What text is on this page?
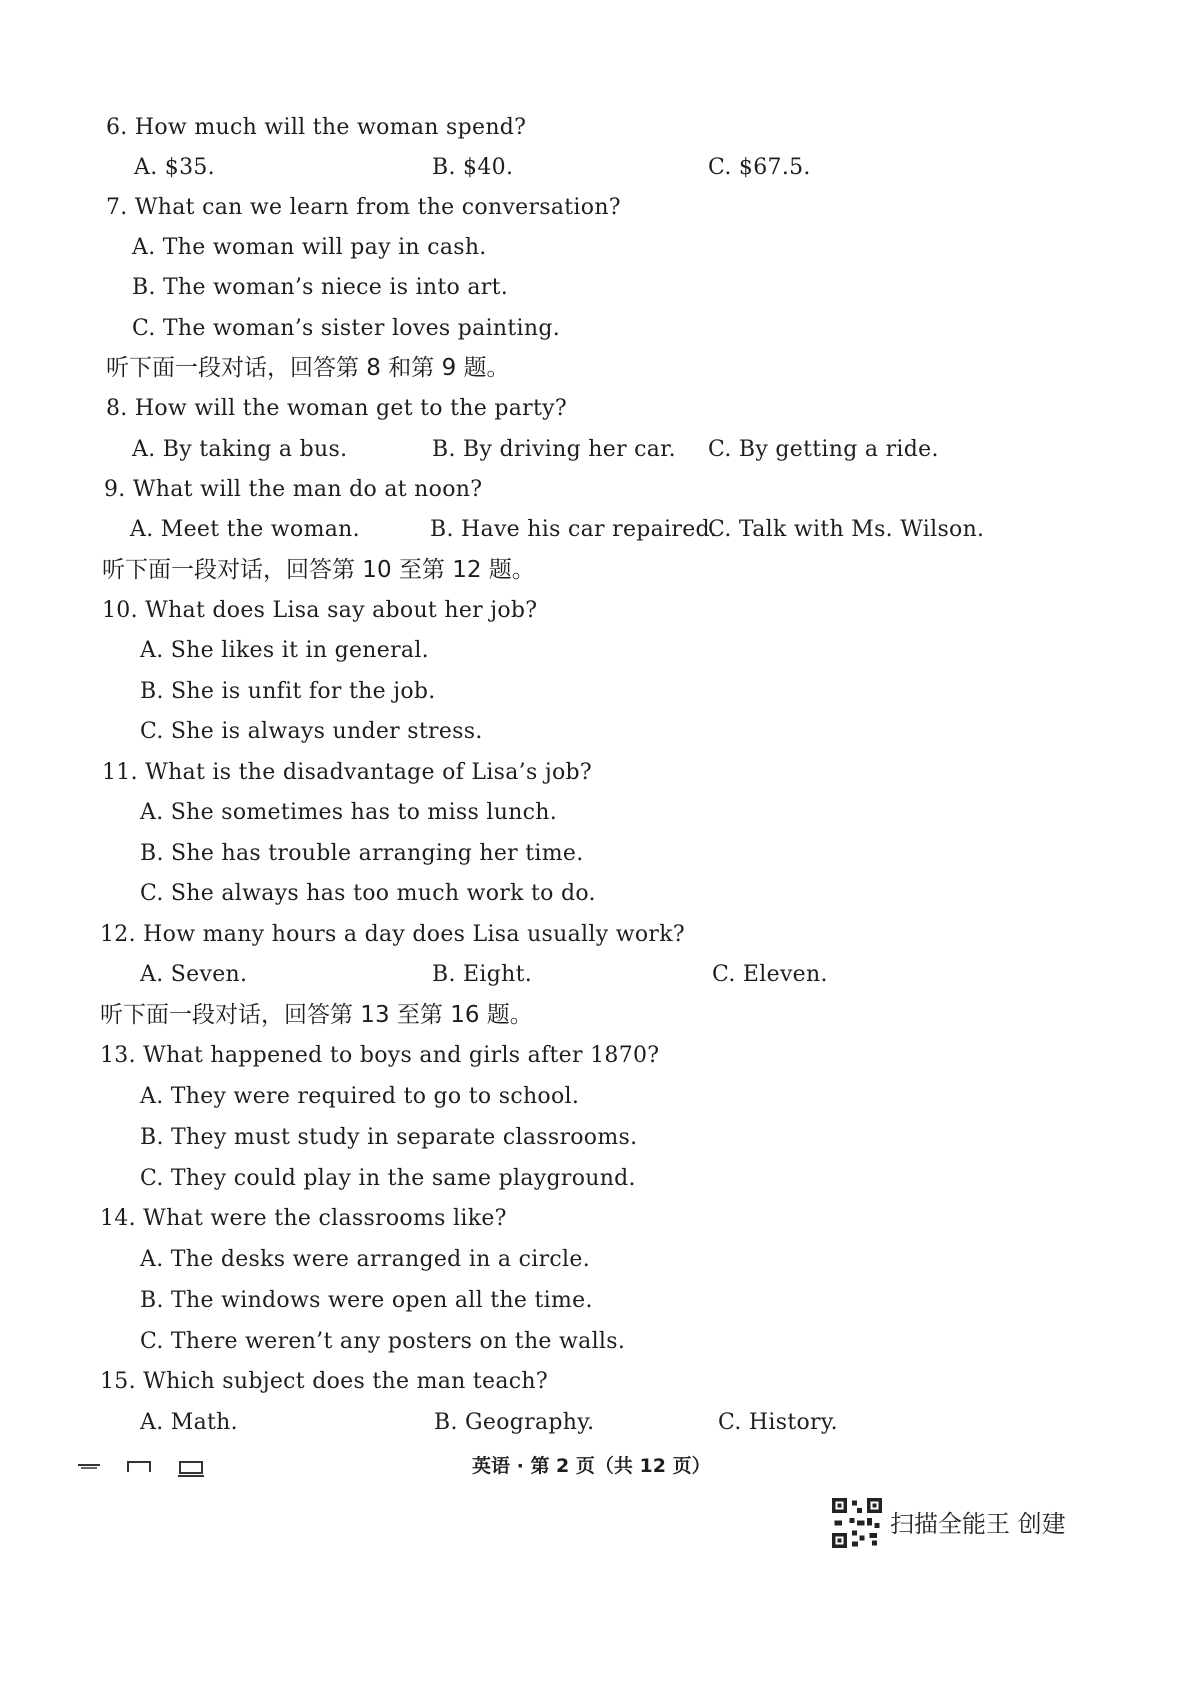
6. How much will the woman spend?
A. $35.	B. $40.	C. $67.5.
7. What can we learn from the conversation?
A. The woman will pay in cash.
B. The woman’s niece is into art.
C. The woman’s sister loves painting.
听下面一段对话，回答第 8 和第 9 题。
8. How will the woman get to the party?
A. By taking a bus.	B. By driving her car. C. By getting a ride.
9. What will the man do at noon?
A. Meet the woman.	B. Have his car repaired.
C. Talk with Ms. Wilson.
听下面一段对话，回答第 10 至第 12 题。
10. What does Lisa say about her job?
A. She likes it in general.
B. She is unfit for the job.
C. She is always under stress.
11. What is the disadvantage of Lisa’s job?
A. She sometimes has to miss lunch.
B. She has trouble arranging her time.
C. She always has too much work to do.
12. How many hours a day does Lisa usually work?
A. Seven.	B. Eight.	C. Eleven.
听下面一段对话，回答第 13 至第 16 题。
13. What happened to boys and girls after 1870?
A. They were required to go to school.
B. They must study in separate classrooms.
C. They could play in the same playground.
14. What were the classrooms like?
A. The desks were arranged in a circle.
B. The windows were open all the time.
C. There weren’t any posters on the walls.
15. Which subject does the man teach?
A. Math.	B. Geography.	C. History.
英语 · 第 2 页（共 12 页）
扫描全能王 创建
